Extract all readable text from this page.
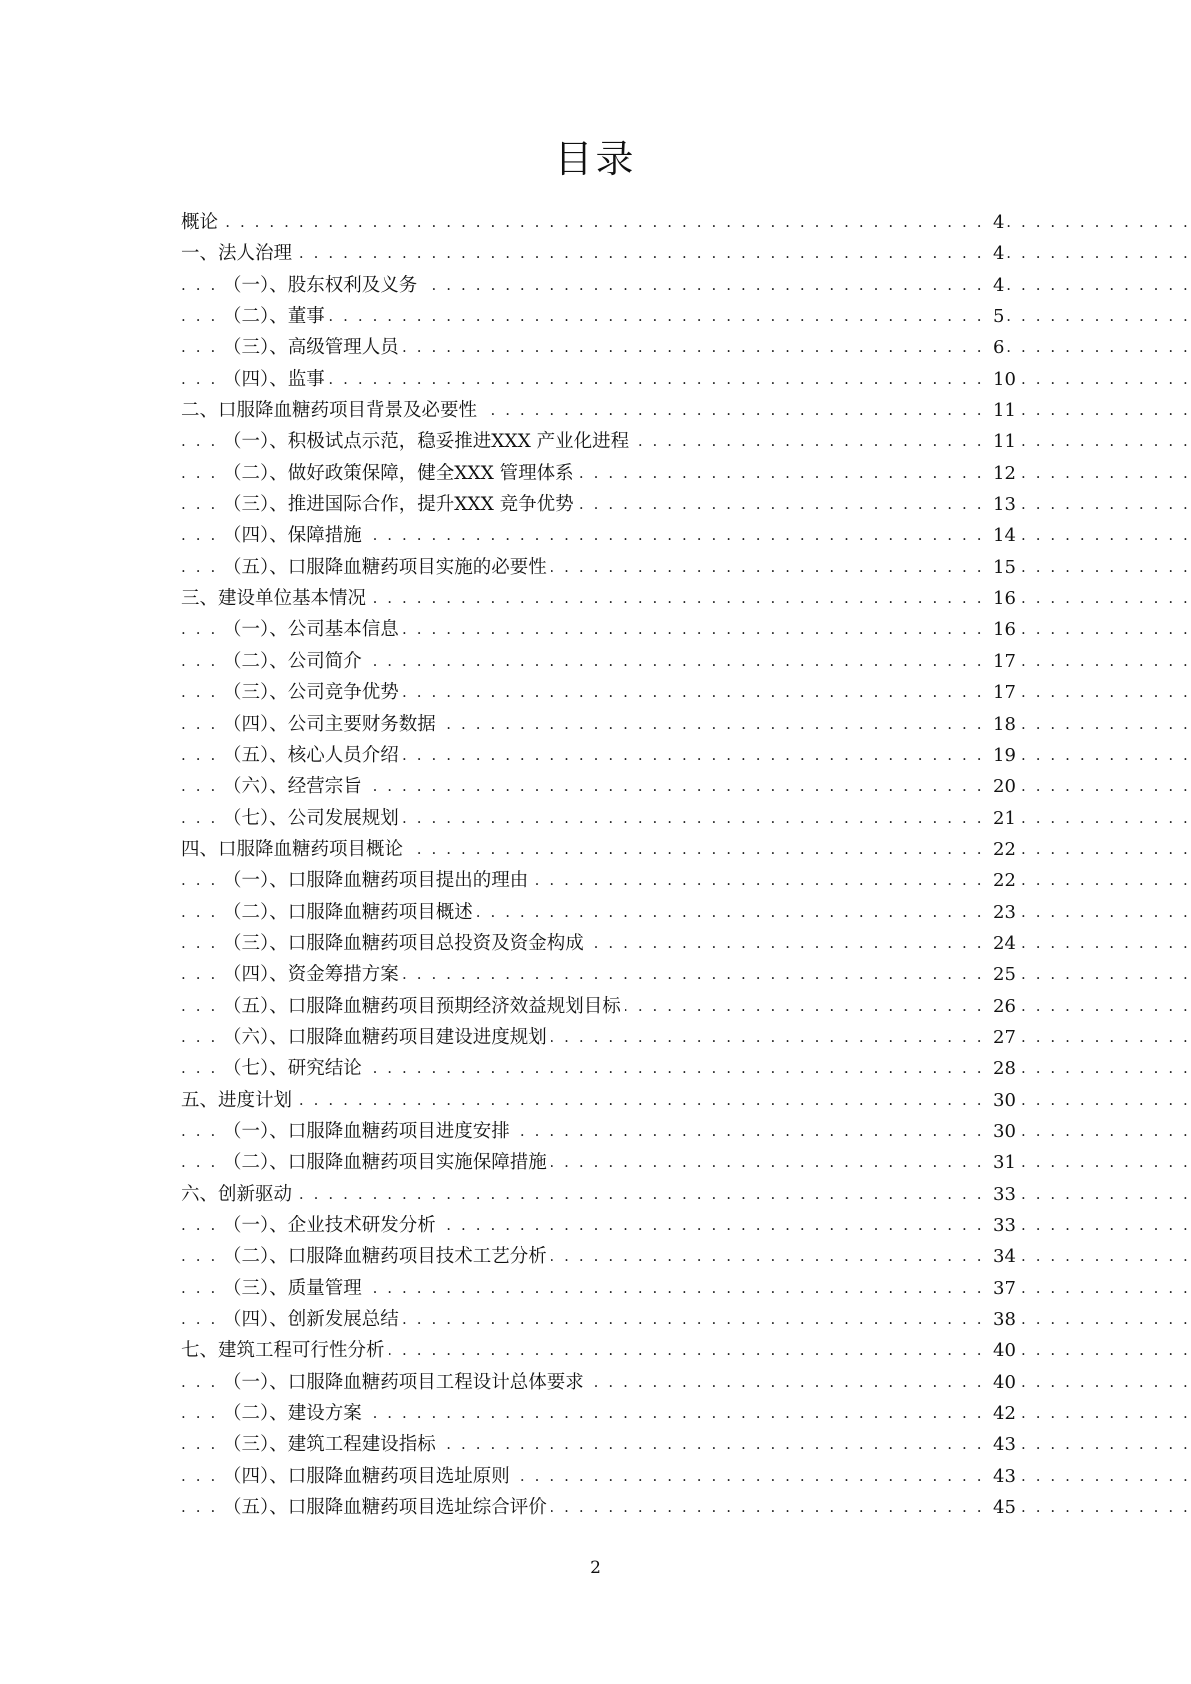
目录
. . .
概论	4
. . .
一、法人治理	4
. . .
（一）、股东权利及义务	4
. . .
（二）、董事	5
. . .
（三）、高级管理人员	6
. . .
（四）、监事	10
. . .
二、口服降血糖药项目背景及必要性	11
. . .
（一）、积极试点示范，稳妥推进XXX 产业化进程	11
. . .
（二）、做好政策保障，健全XXX 管理体系	12
. . .
（三）、推进国际合作，提升XXX 竞争优势	13
. . .
（四）、保障措施	14
. . .
（五）、口服降血糖药项目实施的必要性	15
. . .
三、建设单位基本情况	16
. . .
（一）、公司基本信息	16
. . .
（二）、公司简介	17
. . .
（三）、公司竞争优势	17
. . .
（四）、公司主要财务数据	18
. . .
（五）、核心人员介绍	19
. . .
（六）、经营宗旨	20
. . .
（七）、公司发展规划	21
. . .
四、口服降血糖药项目概论	22
. . .
（一）、口服降血糖药项目提出的理由	22
. . .
（二）、口服降血糖药项目概述	23
. . .
（三）、口服降血糖药项目总投资及资金构成	24
. . .
（四）、资金筹措方案	25
. . .
（五）、口服降血糖药项目预期经济效益规划目标	26
. . .
（六）、口服降血糖药项目建设进度规划	27
. . .
（七）、研究结论	28
. . .
五、进度计划	30
. . .
（一）、口服降血糖药项目进度安排	30
. . .
（二）、口服降血糖药项目实施保障措施	31
. . .
六、创新驱动	33
. . .
（一）、企业技术研发分析	33
. . .
（二）、口服降血糖药项目技术工艺分析	34
. . .
（三）、质量管理	37
. . .
（四）、创新发展总结	38
. . .
七、建筑工程可行性分析	40
. . .
（一）、口服降血糖药项目工程设计总体要求	40
. . .
（二）、建设方案	42
. . .
（三）、建筑工程建设指标	43
. . .
（四）、口服降血糖药项目选址原则	43
. . .
（五）、口服降血糖药项目选址综合评价	45
2
